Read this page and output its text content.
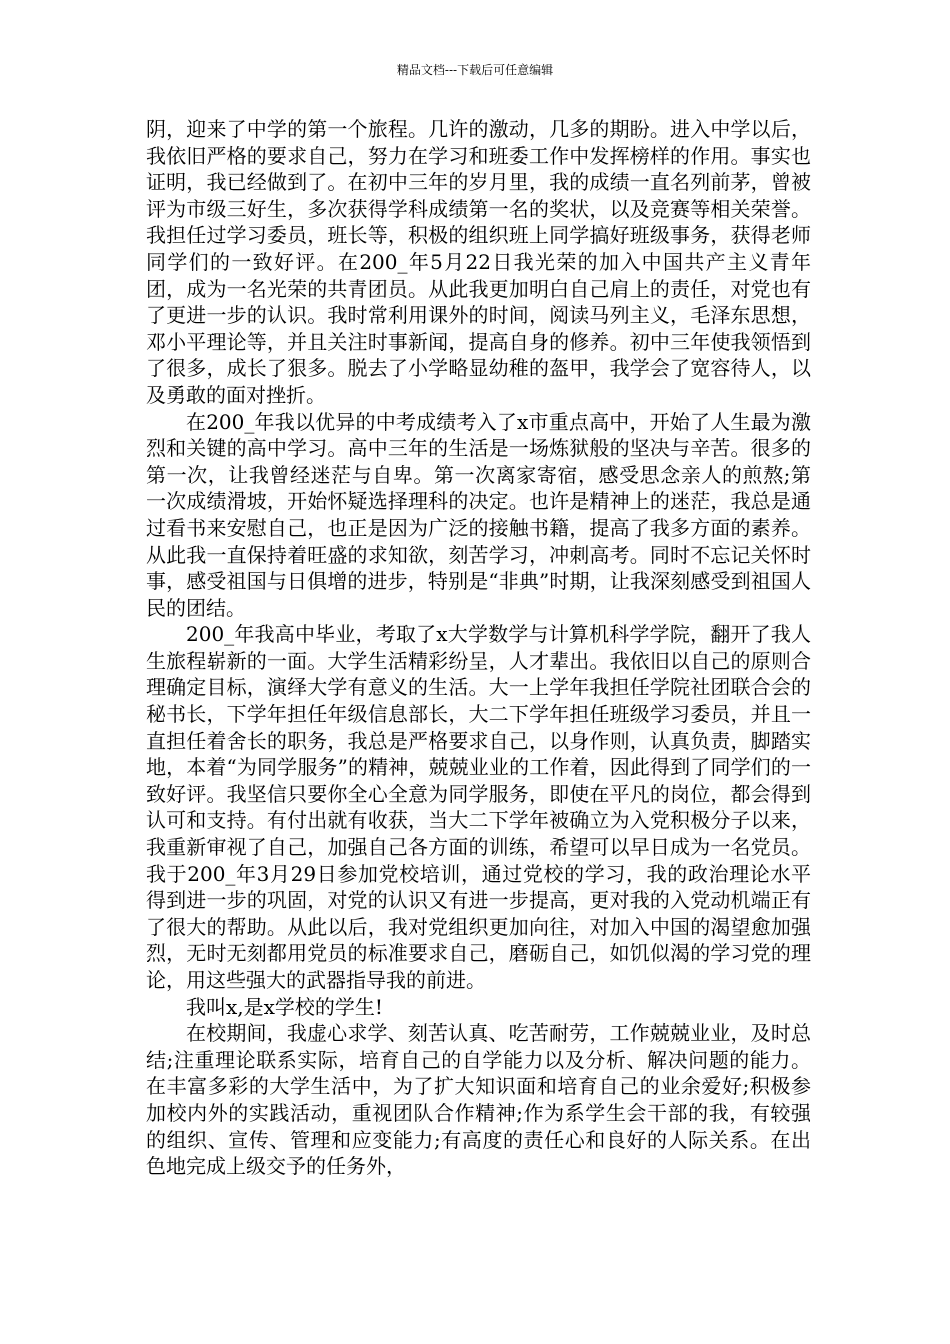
精品文档---下载后可任意编辑

阴，迎来了中学的第一个旅程。几许的激动，几多的期盼。进入中学以后，我依旧严格的要求自己，努力在学习和班委工作中发挥榜样的作用。事实也证明，我已经做到了。在初中三年的岁月里，我的成绩一直名列前茅，曾被评为市级三好生，多次获得学科成绩第一名的奖状，以及竞赛等相关荣誉。我担任过学习委员，班长等，积极的组织班上同学搞好班级事务，获得老师同学们的一致好评。在200_年5月22日我光荣的加入中国共产主义青年团，成为一名光荣的共青团员。从此我更加明白自己肩上的责任，对党也有了更进一步的认识。我时常利用课外的时间，阅读马列主义，毛泽东思想，邓小平理论等，并且关注时事新闻，提高自身的修养。初中三年使我领悟到了很多，成长了狠多。脱去了小学略显幼稚的盔甲，我学会了宽容待人，以及勇敢的面对挫折。

在200_年我以优异的中考成绩考入了x市重点高中，开始了人生最为激烈和关键的高中学习。高中三年的生活是一场炼狱般的坚决与辛苦。很多的第一次，让我曾经迷茫与自卑。第一次离家寄宿，感受思念亲人的煎熬;第一次成绩滑坡，开始怀疑选择理科的决定。也许是精神上的迷茫，我总是通过看书来安慰自己，也正是因为广泛的接触书籍，提高了我多方面的素养。从此我一直保持着旺盛的求知欲，刻苦学习，冲刺高考。同时不忘记关怀时事，感受祖国与日俱增的进步，特别是“非典”时期，让我深刻感受到祖国人民的团结。

200_年我高中毕业，考取了x大学数学与计算机科学学院，翻开了我人生旅程崭新的一面。大学生活精彩纷呈，人才辈出。我依旧以自己的原则合理确定目标，演绎大学有意义的生活。大一上学年我担任学院社团联合会的秘书长，下学年担任年级信息部长，大二下学年担任班级学习委员，并且一直担任着舍长的职务，我总是严格要求自己，以身作则，认真负责，脚踏实地，本着“为同学服务”的精神，兢兢业业的工作着，因此得到了同学们的一致好评。我坚信只要你全心全意为同学服务，即使在平凡的岗位，都会得到认可和支持。有付出就有收获，当大二下学年被确立为入党积极分子以来，我重新审视了自己，加强自己各方面的训练，希望可以早日成为一名党员。我于200_年3月29日参加党校培训，通过党校的学习，我的政治理论水平得到进一步的巩固，对党的认识又有进一步提高，更对我的入党动机端正有了很大的帮助。从此以后，我对党组织更加向往，对加入中国的渴望愈加强烈，无时无刻都用党员的标准要求自己，磨砺自己，如饥似渴的学习党的理论，用这些强大的武器指导我的前进。

我叫x,是x学校的学生!

在校期间，我虚心求学、刻苦认真、吃苦耐劳，工作兢兢业业，及时总结;注重理论联系实际，培育自己的自学能力以及分析、解决问题的能力。在丰富多彩的大学生活中，为了扩大知识面和培育自己的业余爱好;积极参加校内外的实践活动，重视团队合作精神;作为系学生会干部的我，有较强的组织、宣传、管理和应变能力;有高度的责任心和良好的人际关系。在出色地完成上级交予的任务外，
